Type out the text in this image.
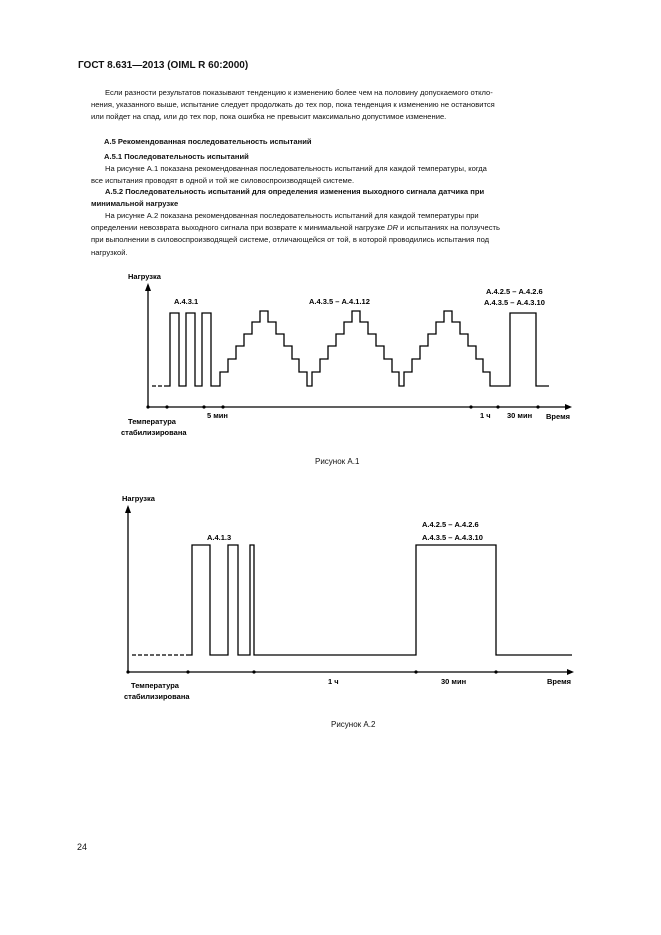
ГОСТ 8.631—2013 (OIML R 60:2000)
Если разности результатов показывают тенденцию к изменению более чем на половину допускаемого откло-
нения, указанного выше, испытание следует продолжать до тех пор, пока тенденция к изменению не остановится
или пойдет на спад, или до тех пор, пока ошибка не превысит максимально допустимое изменение.
А.5 Рекомендованная последовательность испытаний
А.5.1 Последовательность испытаний
На рисунке А.1 показана рекомендованная последовательность испытаний для каждой температуры, когда
все испытания проводят в одной и той же силовоспроизводящей системе.
А.5.2 Последовательность испытаний для определения изменения выходного сигнала датчика при
минимальной нагрузке
На рисунке А.2 показана рекомендованная последовательность испытаний для каждой температуры при
определении невозврата выходного сигнала при возврате к минимальной нагрузке DR и испытаниях на ползучесть
при выполнении в силовоспроизводящей системе, отличающейся от той, в которой проводились испытания под
нагрузкой.
Нагрузка
А.4.3.1	А.4.3.5 – А.4.1.12
А.4.2.5 – А.4.2.6
А.4.3.5 – А.4.3.10
Температура
стабилизирована
5 мин	1 ч 30 мин Время
Рисунок А.1
Нагрузка
А.4.1.3
А.4.2.5 – А.4.2.6
А.4.3.5 – А.4.3.10
Температура
стабилизирована
1 ч	30 мин	Время
Рисунок А.2
24
